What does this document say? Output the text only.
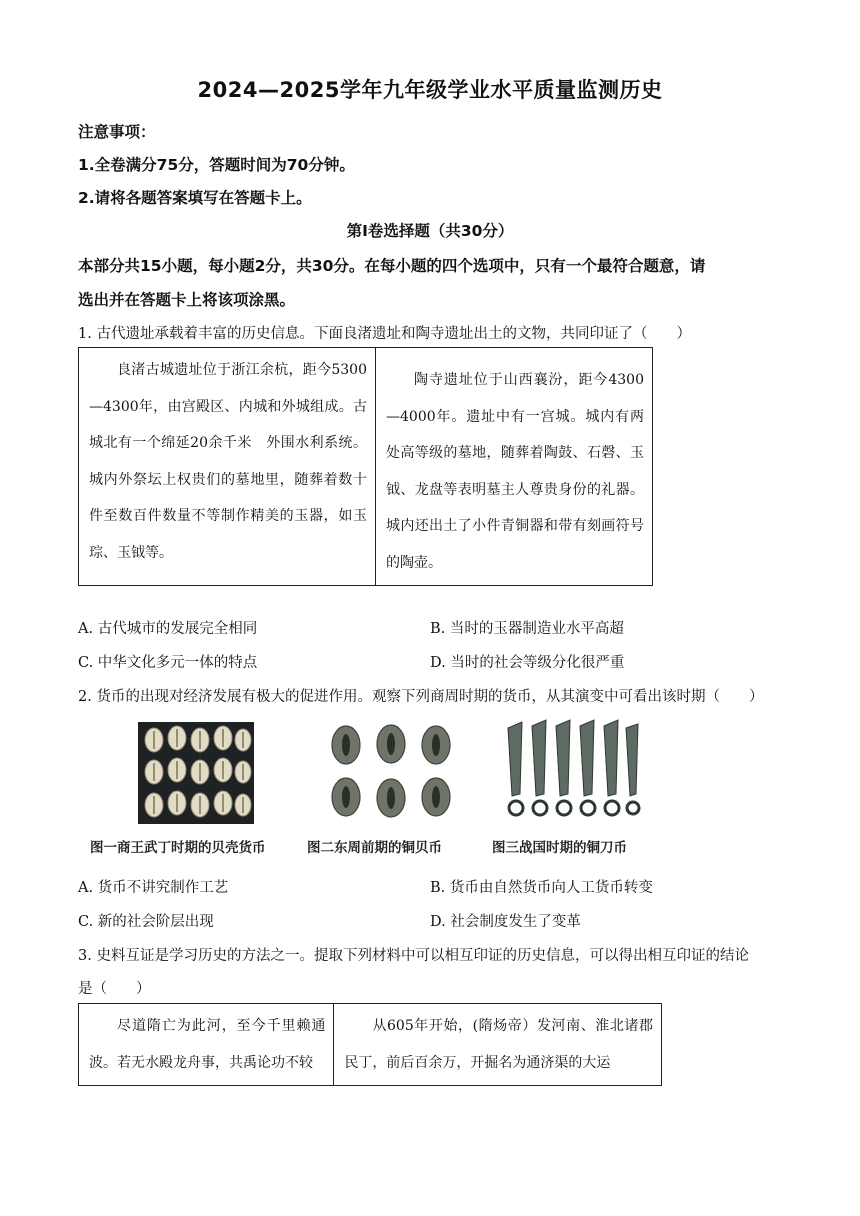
2024—2025学年九年级学业水平质量监测历史
注意事项：
1.全卷满分75分，答题时间为70分钟。
2.请将各题答案填写在答题卡上。
第Ⅰ卷选择题（共30分）
本部分共15小题，每小题2分，共30分。在每小题的四个选项中，只有一个最符合题意，请
选出并在答题卡上将该项涂黑。
1. 古代遗址承载着丰富的历史信息。下面良渚遗址和陶寺遗址出土的文物，共同印证了（　　）
良渚古城遗址位于浙江余杭，距今5300—4300年，由宫殿区、内城和外城组成。古城北有一个绵延20余千米　外围水利系统。城内外祭坛上权贵们的墓地里，随葬着数十件至数百件数量不等制作精美的玉器，如玉琮、玉钺等。

陶寺遗址位于山西襄汾，距今4300—4000年。遗址中有一宫城。城内有两处高等级的墓地，随葬着陶鼓、石磬、玉钺、龙盘等表明墓主人尊贵身份的礼器。城内还出土了小件青铜器和带有刻画符号的陶壶。
A. 古代城市的发展完全相同	B. 当时的玉器制造业水平高超
C. 中华文化多元一体的特点	D. 当时的社会等级分化很严重
2. 货币的出现对经济发展有极大的促进作用。观察下列商周时期的货币，从其演变中可看出该时期（　　）
图一商王武丁时期的贝壳货币	图二东周前期的铜贝币	图三战国时期的铜刀币
A. 货币不讲究制作工艺	B. 货币由自然货币向人工货币转变
C. 新的社会阶层出现	D. 社会制度发生了变革
3. 史料互证是学习历史的方法之一。提取下列材料中可以相互印证的历史信息，可以得出相互印证的结论
是（　　）
尽道隋亡为此河，至今千里赖通波。若无水殿龙舟事，共禹论功不较

从605年开始，(隋炀帝）发河南、淮北诸郡民丁，前后百余万，开掘名为通济渠的大运
